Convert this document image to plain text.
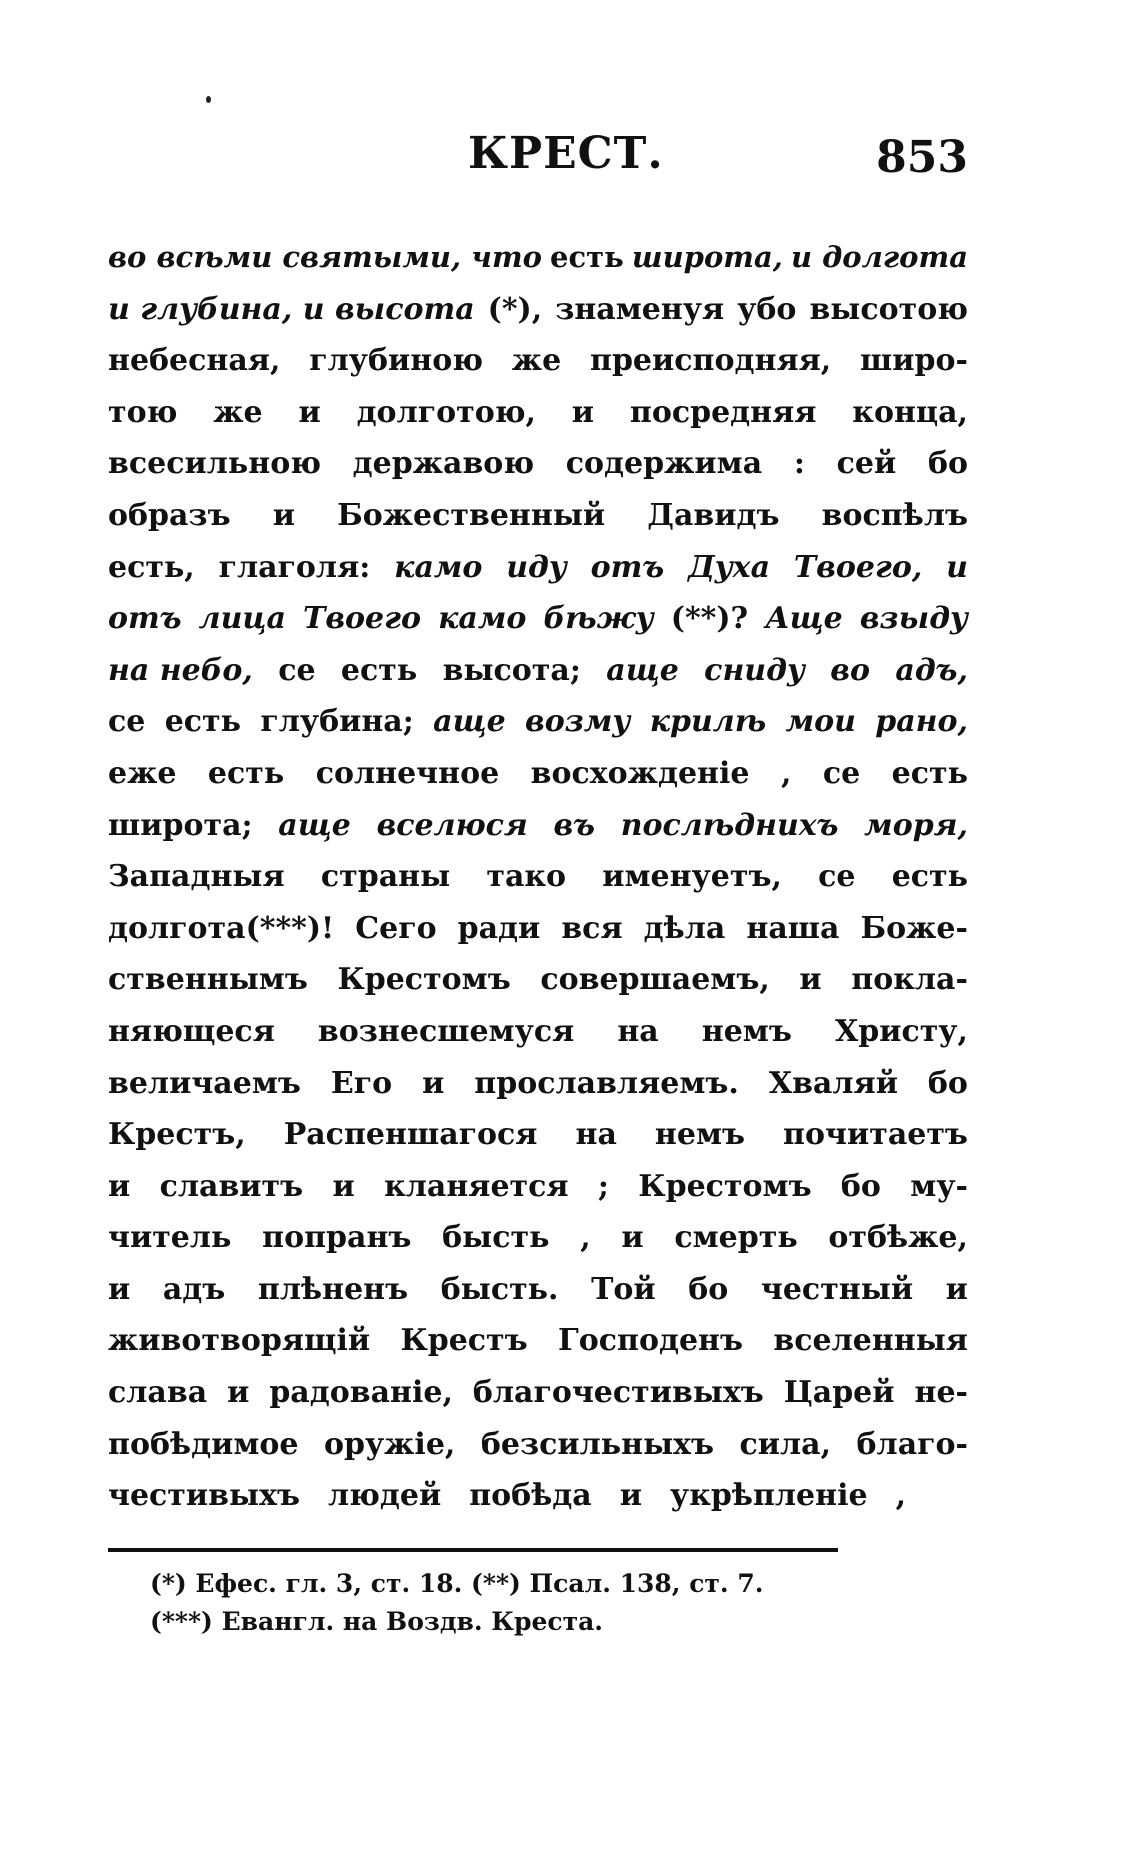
КРЕСТ.	853
во всѣми святыми, что есть широта, и долгота
и глубина, и высота (*), знаменуя убо высотою
небесная, глубиною же преисподняя, широ-
тою же и долготою, и посредняя конца,
всесильною державою содержима : сей бо
образъ и Божественный Давидъ воспѣлъ
есть, глаголя: камо иду отъ Духа Твоего, и
отъ лица Твоего камо бѣжу (**)? Аще взыду
на небо, се есть высота; аще сниду во адъ,
се есть глубина; аще возму крилѣ мои рано,
еже есть солнечное восхожденіе , се есть
широта; аще вселюся въ послѣднихъ моря,
Западныя страны тако именуетъ, се есть
долгота(***)! Сего ради вся дѣла наша Боже-
ственнымъ Крестомъ совершаемъ, и покла-
няющеся вознесшемуся на немъ Христу,
величаемъ Его и прославляемъ. Хваляй бо
Крестъ, Распеншагося на немъ почитаетъ
и славитъ и кланяется ; Крестомъ бо му-
читель попранъ бысть , и смерть отбѣже,
и адъ плѣненъ бысть. Той бо честный и
животворящій Крестъ Господенъ вселенныя
слава и радованіе, благочестивыхъ Царей не-
побѣдимое оружіе, безсильныхъ сила, благо-
честивыхъ людей побѣда и укрѣпленіе ,
(*) Ефес. гл. 3, ст. 18. (**) Псал. 138, ст. 7.
(***) Евангл. на Воздв. Креста.
